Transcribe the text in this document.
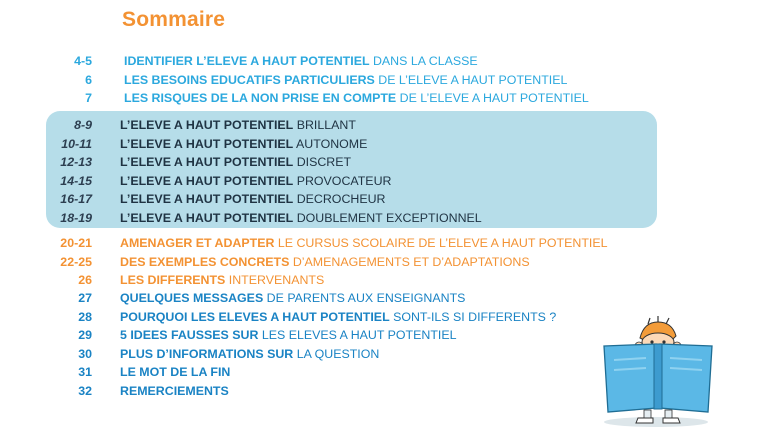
Sommaire
4-5	IDENTIFIER L’ELEVE A HAUT POTENTIEL DANS LA CLASSE
6	LES BESOINS EDUCATIFS PARTICULIERS DE L’ELEVE A HAUT POTENTIEL
7	LES RISQUES DE LA NON PRISE EN COMPTE DE L’ELEVE A HAUT POTENTIEL
8-9 L’ELEVE A HAUT POTENTIEL BRILLANT
10-11 L’ELEVE A HAUT POTENTIEL AUTONOME
12-13 L’ELEVE A HAUT POTENTIEL DISCRET
14-15 L’ELEVE A HAUT POTENTIEL PROVOCATEUR
16-17 L’ELEVE A HAUT POTENTIEL DECROCHEUR
18-19 L’ELEVE A HAUT POTENTIEL DOUBLEMENT EXCEPTIONNEL
20-21 AMENAGER ET ADAPTER LE CURSUS SCOLAIRE DE L’ELEVE A HAUT POTENTIEL
22-25 DES EXEMPLES CONCRETS D’AMENAGEMENTS ET D’ADAPTATIONS
26 LES DIFFERENTS INTERVENANTS
27 QUELQUES MESSAGES DE PARENTS AUX ENSEIGNANTS
28 POURQUOI LES ELEVES A HAUT POTENTIEL SONT-ILS SI DIFFERENTS ?
29 5 IDEES FAUSSES SUR LES ELEVES A HAUT POTENTIEL
30 PLUS D’INFORMATIONS SUR LA QUESTION
31 LE MOT DE LA FIN
32 REMERCIEMENTS
